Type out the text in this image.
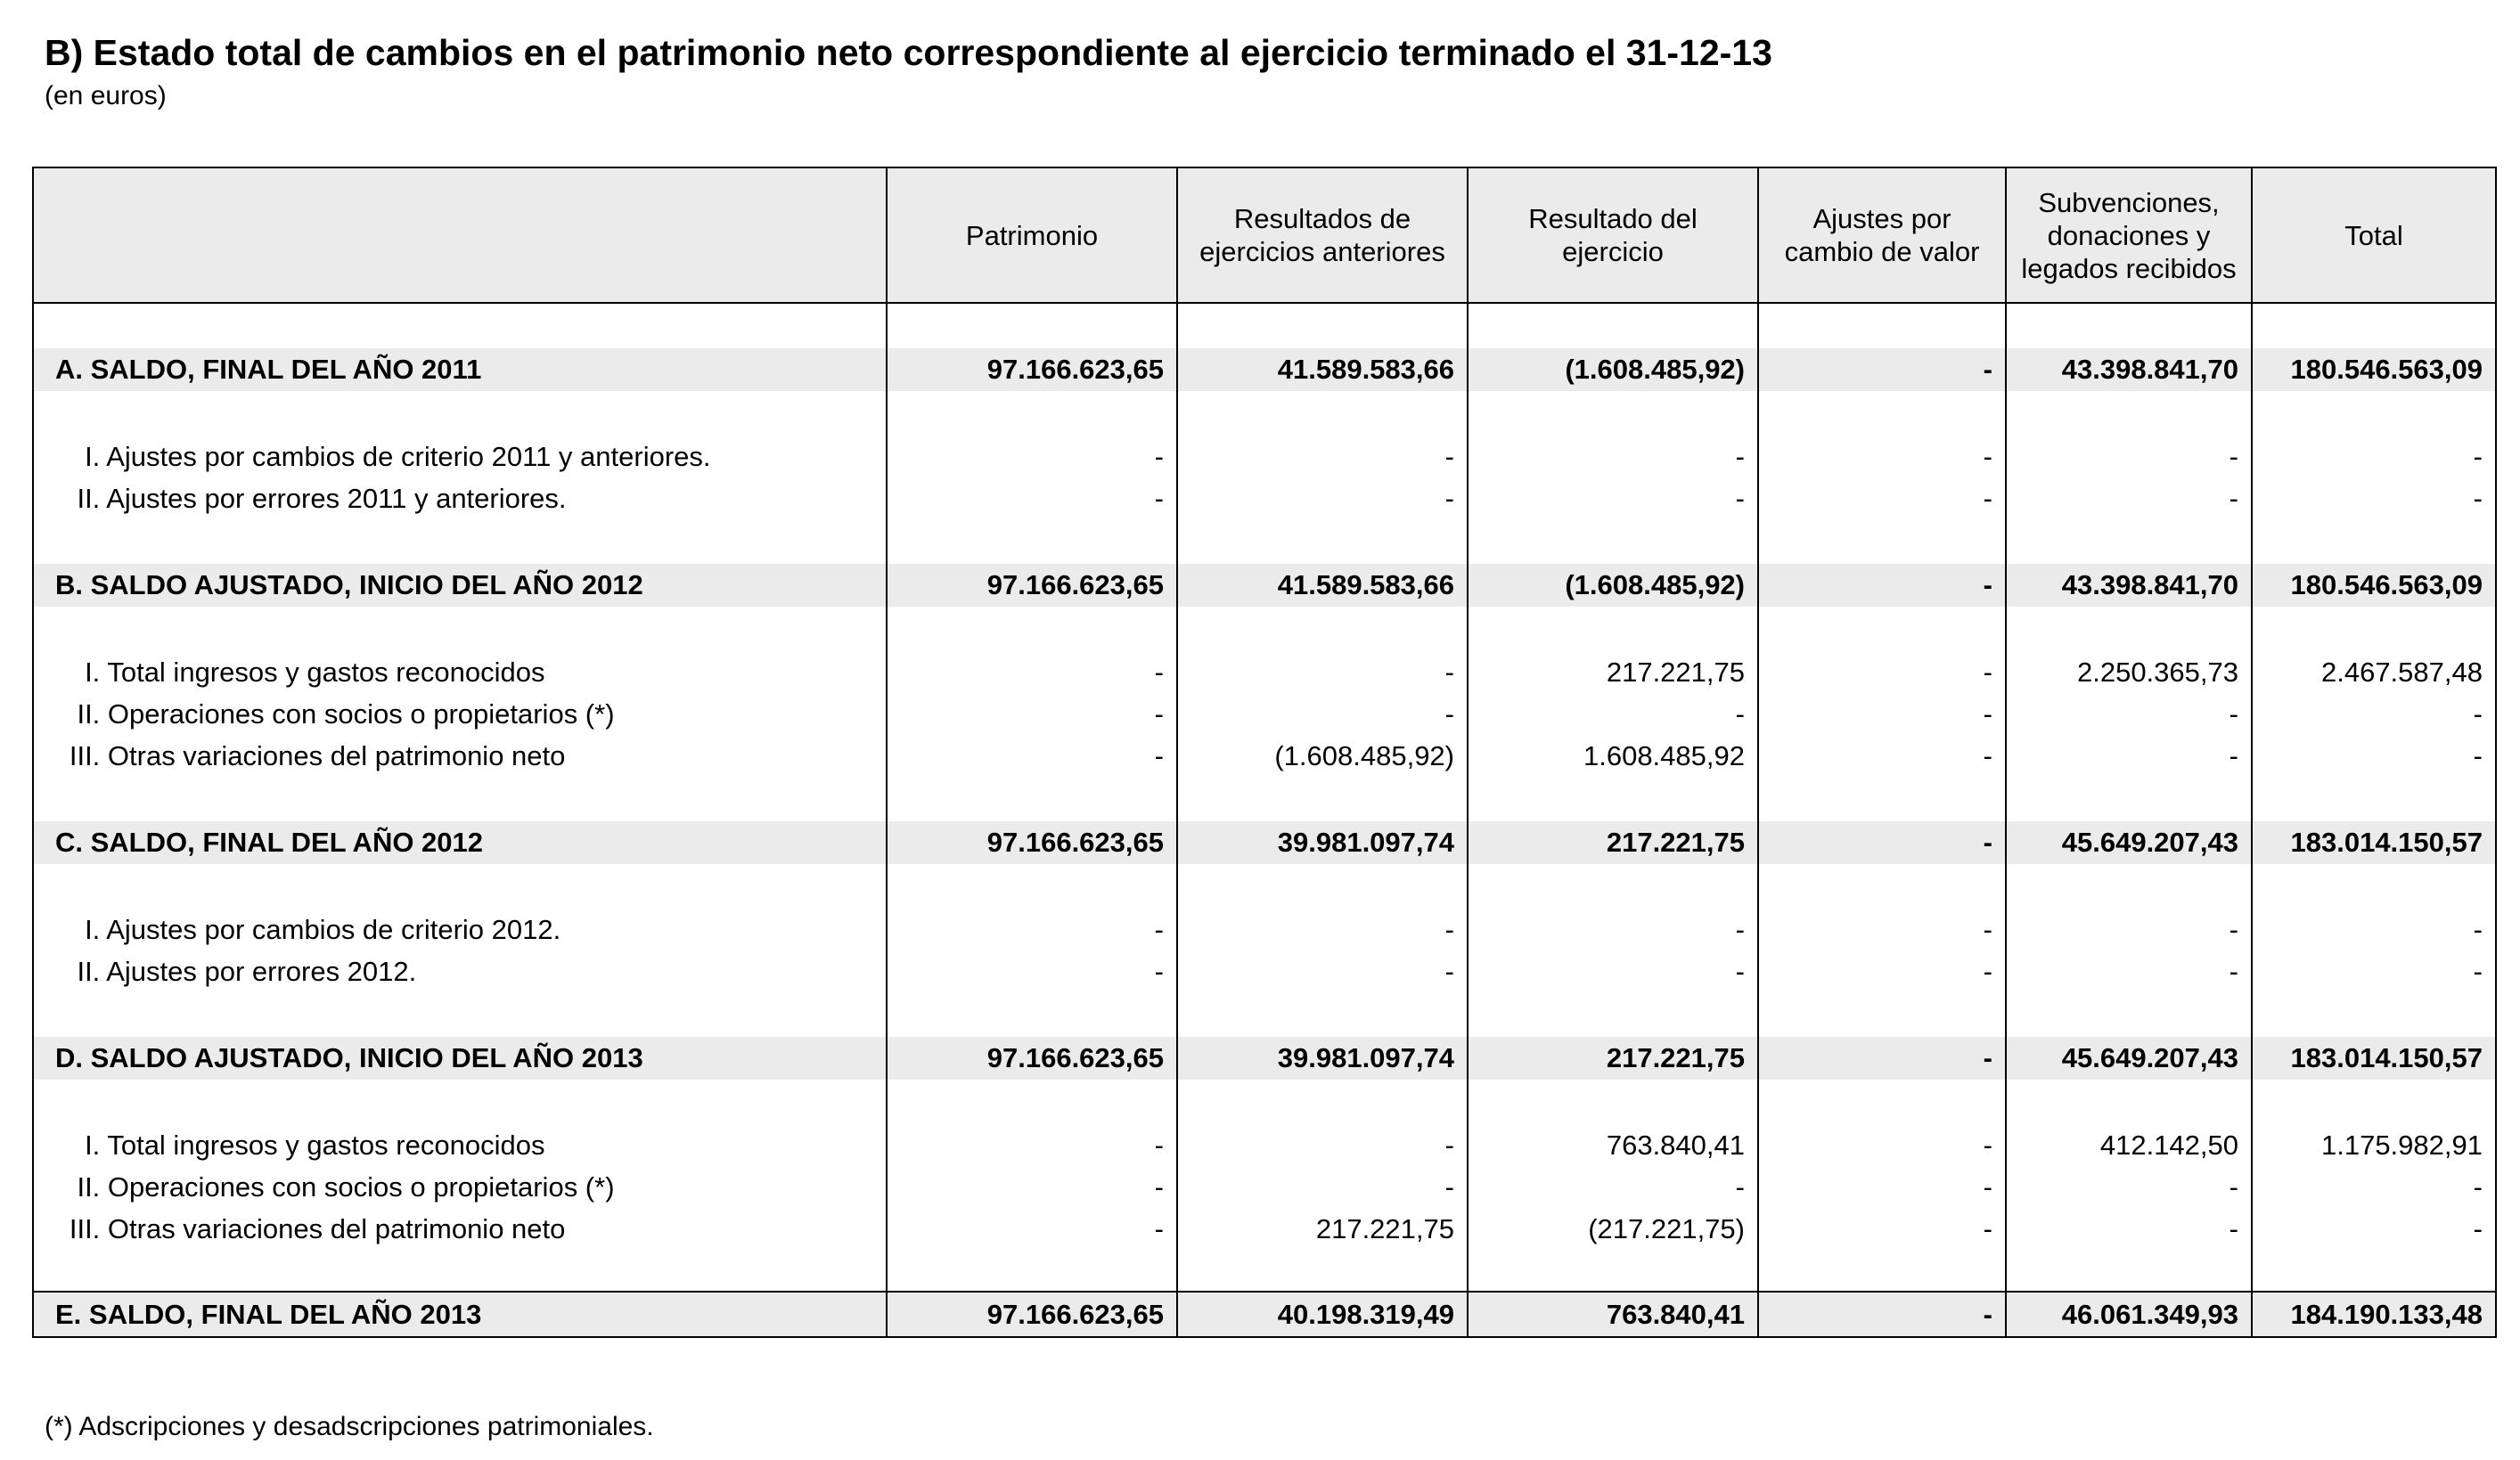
B) Estado total de cambios en el patrimonio neto correspondiente al ejercicio terminado el 31-12-13
(en euros)
	Patrimonio	Resultados de ejercicios anteriores	Resultado del ejercicio	Ajustes por cambio de valor	Subvenciones, donaciones y legados recibidos	Total

A. SALDO, FINAL DEL AÑO 2011	97.166.623,65	41.589.583,66	(1.608.485,92)	-	43.398.841,70	180.546.563,09

I. Ajustes por cambios de criterio 2011 y anteriores.	-	-	-	-	-	-
II. Ajustes por errores 2011 y anteriores.	-	-	-	-	-	-

B. SALDO AJUSTADO, INICIO DEL AÑO 2012	97.166.623,65	41.589.583,66	(1.608.485,92)	-	43.398.841,70	180.546.563,09

I. Total ingresos y gastos reconocidos	-	-	217.221,75	-	2.250.365,73	2.467.587,48
II. Operaciones con socios o propietarios (*)	-	-	-	-	-	-
III. Otras variaciones del patrimonio neto	-	(1.608.485,92)	1.608.485,92	-	-	-

C. SALDO, FINAL DEL AÑO 2012	97.166.623,65	39.981.097,74	217.221,75	-	45.649.207,43	183.014.150,57

I. Ajustes por cambios de criterio 2012.	-	-	-	-	-	-
II. Ajustes por errores 2012.	-	-	-	-	-	-

D. SALDO AJUSTADO, INICIO DEL AÑO 2013	97.166.623,65	39.981.097,74	217.221,75	-	45.649.207,43	183.014.150,57

I. Total ingresos y gastos reconocidos	-	-	763.840,41	-	412.142,50	1.175.982,91
II. Operaciones con socios o propietarios (*)	-	-	-	-	-	-
III. Otras variaciones del patrimonio neto	-	217.221,75	(217.221,75)	-	-	-

E. SALDO, FINAL DEL AÑO 2013	97.166.623,65	40.198.319,49	763.840,41	-	46.061.349,93	184.190.133,48
(*) Adscripciones y desadscripciones patrimoniales.
